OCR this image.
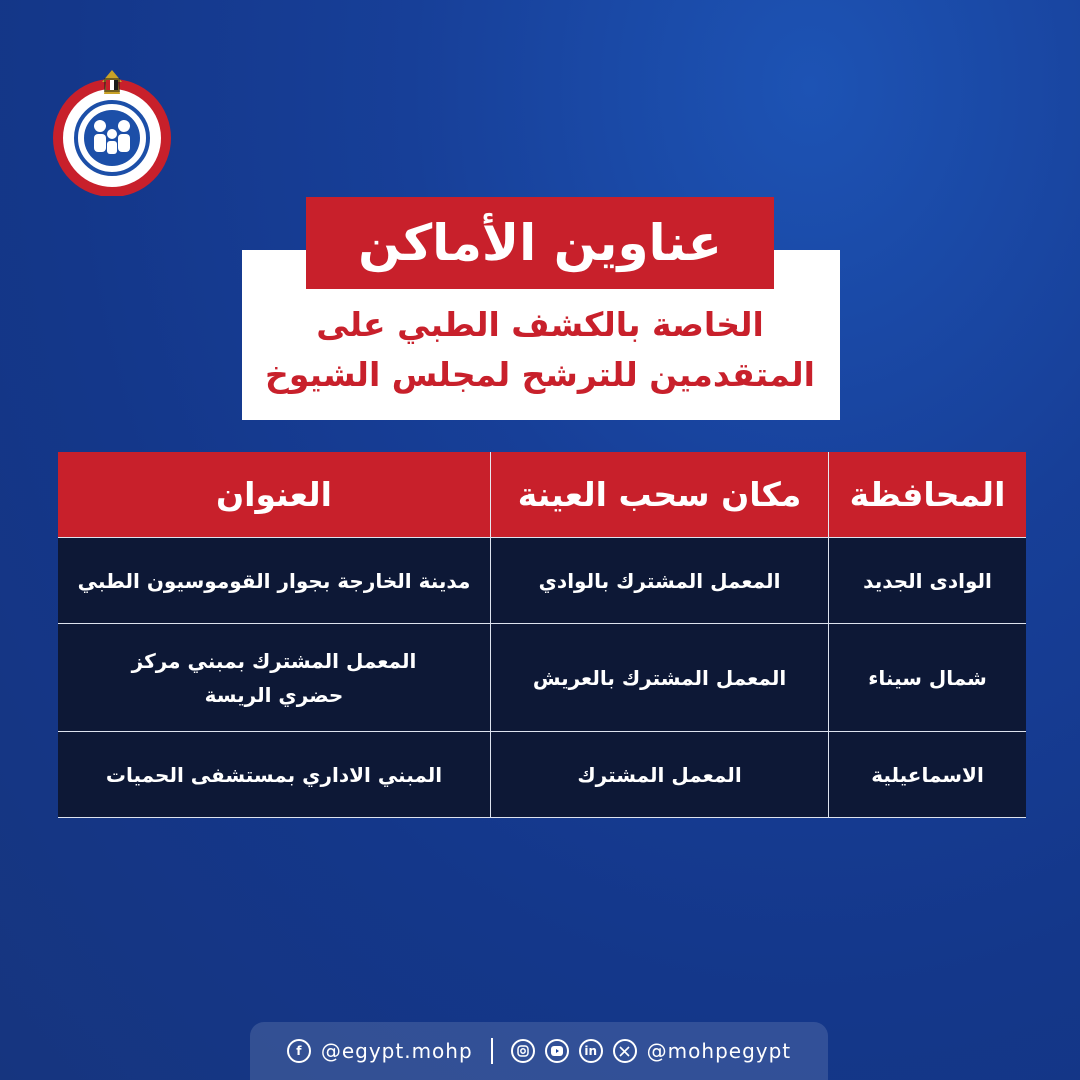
عناوين الأماكن
الخاصة بالكشف الطبي على
المتقدمين للترشح لمجلس الشيوخ
المحافظة
مكان سحب العينة
العنوان
الوادى الجديد
المعمل المشترك بالوادي
مدينة الخارجة بجوار القوموسيون الطبي
شمال سيناء
المعمل المشترك بالعريش
المعمل المشترك بمبني مركز حضري الريسة
الاسماعيلية
المعمل المشترك
المبني الاداري بمستشفى الحميات
f @egypt.mohp	in @mohpegypt
